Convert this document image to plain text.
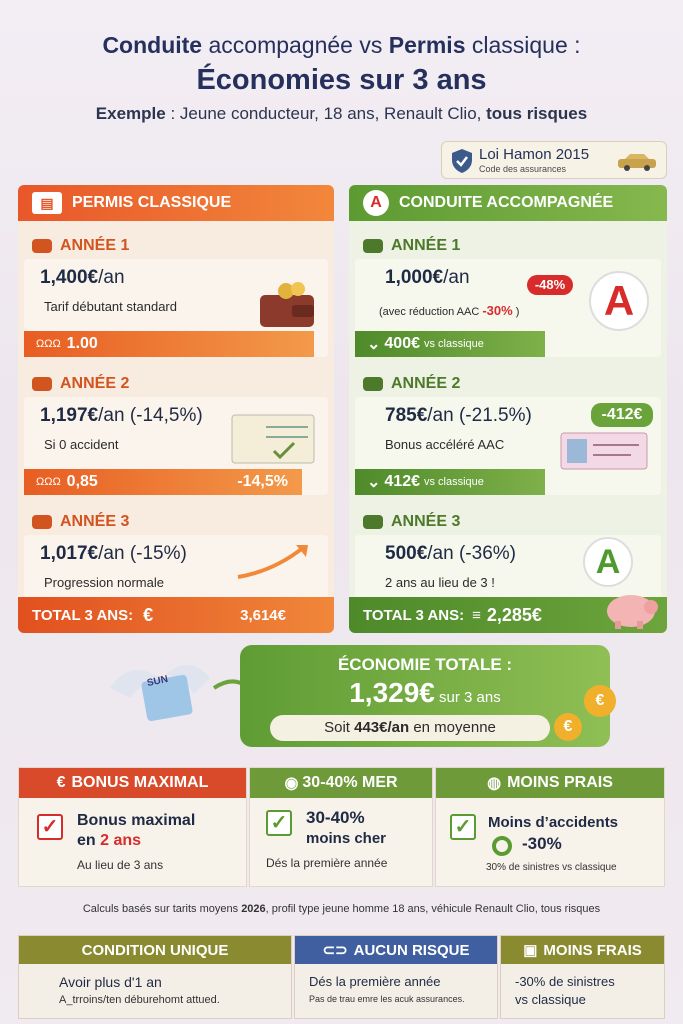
Conduite accompagnée vs Permis classique :
Économies sur 3 ans
Exemple : Jeune conducteur, 18 ans, Renault Clio, tous risques
Loi Hamon 2015
Code des assurances
▤	PERMIS CLASSIQUE
ANNÉE 1
1,400€/an
Tarif débutant standard
ΩΩΩ 1.00
ANNÉE 2
1,197€/an (-14,5%)
Si 0 accident
ΩΩΩ 0,85	-14,5%
ANNÉE 3
1,017€/an (-15%)
Progression normale
TOTAL 3 ANS: €	3,614€
A	CONDUITE ACCOMPAGNÉE
ANNÉE 1
1,000€/an
(avec réduction AAC -30% )
-48% A
⌄ 400€ vs classique
ANNÉE 2
785€/an (-21.5%)
Bonus accéléré AAC
-412€
⌄ 412€ vs classique
ANNÉE 3
500€/an (-36%)
2 ans au lieu de 3 !
A
TOTAL 3 ANS: ≡ 2,285€
SUN
ÉCONOMIE TOTALE :
1,329€ sur 3 ans
Soit 443€/an en moyenne
€
€
€ BONUS MAXIMAL
✓ Bonus maximal
en 2 ans
Au lieu de 3 ans
◉ 30-40% MER
✓ 30-40%
moins cher
Dés la première année
◍ MOINS PRAIS
✓	Moins d’accidents
-30%
30% de sinistres vs classique
Calculs basés sur tarits moyens 2026, profil type jeune homme 18 ans, véhicule Renault Clio, tous risques
CONDITION UNIQUE
Avoir plus d'1 an
A_trroins/ten déburehomt attued.
⊂⊃ AUCUN RISQUE
Dés la première année
Pas de trau emre les acuk assurances.
▣ MOINS FRAIS
-30% de sinistres
vs classique
